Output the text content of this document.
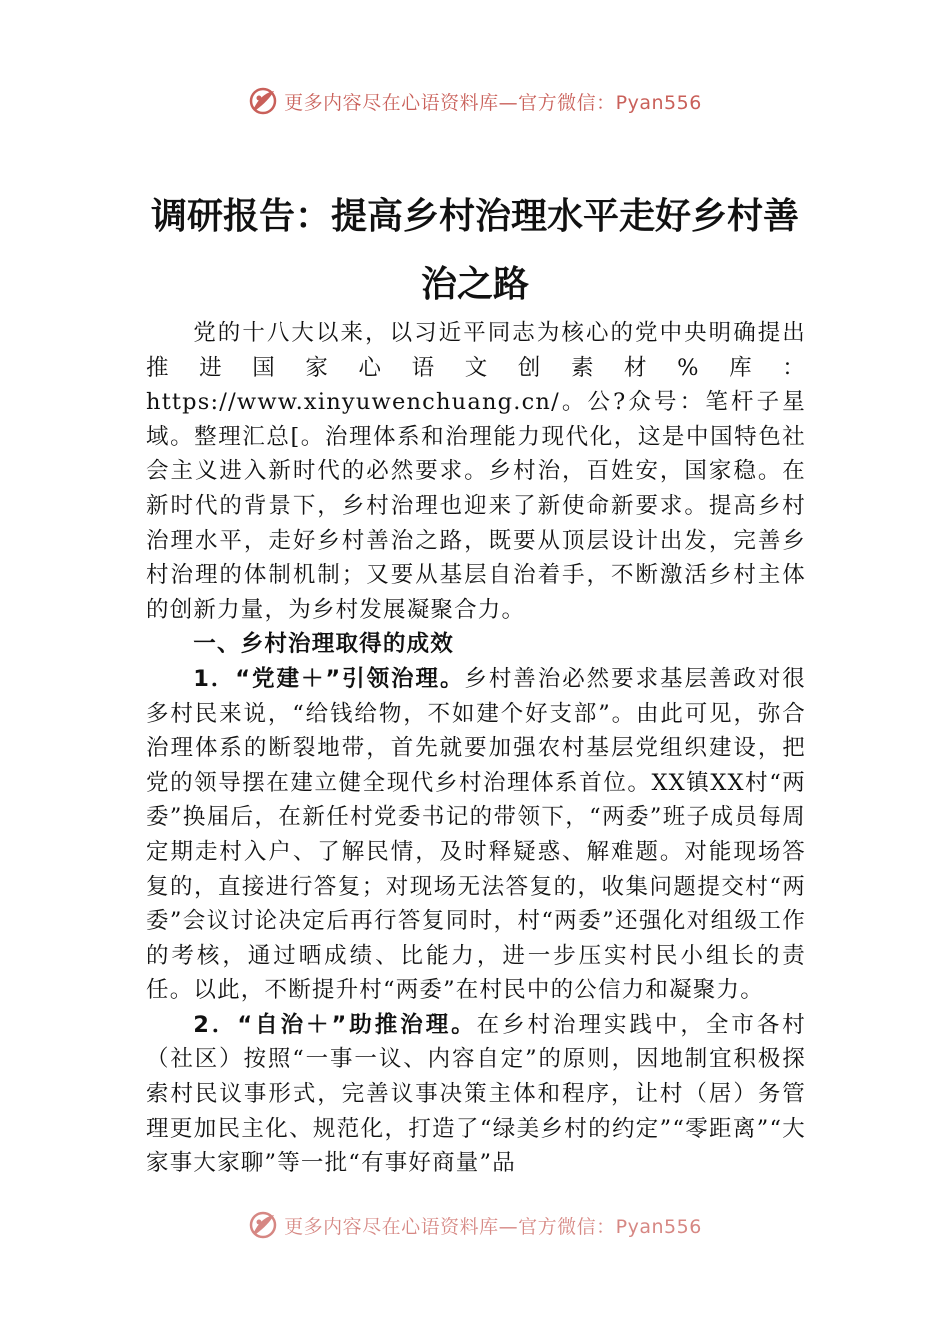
更多内容尽在心语资料库—官方微信：Pyan556
调研报告：提高乡村治理水平走好乡村善
治之路

党的十八大以来，以习近平同志为核心的党中央明确提出推进国家心语文创素材%库：https://www.xinyuwenchuang.cn/。公?众号：笔杆子星域。整理汇总[。治理体系和治理能力现代化，这是中国特色社会主义进入新时代的必然要求。乡村治，百姓安，国家稳。在新时代的背景下，乡村治理也迎来了新使命新要求。提高乡村治理水平，走好乡村善治之路，既要从顶层设计出发，完善乡村治理的体制机制；又要从基层自治着手，不断激活乡村主体的创新力量，为乡村发展凝聚合力。

一、乡村治理取得的成效

1．“党建＋”引领治理。乡村善治必然要求基层善政对很多村民来说，“给钱给物，不如建个好支部”。由此可见，弥合治理体系的断裂地带，首先就要加强农村基层党组织建设，把党的领导摆在建立健全现代乡村治理体系首位。XX镇XX村“两委”换届后，在新任村党委书记的带领下，“两委”班子成员每周定期走村入户、了解民情，及时释疑惑、解难题。对能现场答复的，直接进行答复；对现场无法答复的，收集问题提交村“两委”会议讨论决定后再行答复同时，村“两委”还强化对组级工作的考核，通过晒成绩、比能力，进一步压实村民小组长的责任。以此，不断提升村“两委”在村民中的公信力和凝聚力。

2．“自治＋”助推治理。在乡村治理实践中，全市各村（社区）按照“一事一议、内容自定”的原则，因地制宜积极探索村民议事形式，完善议事决策主体和程序，让村（居）务管理更加民主化、规范化，打造了“绿美乡村的约定”“零距离”“大家事大家聊”等一批“有事好商量”品

更多内容尽在心语资料库—官方微信：Pyan556
